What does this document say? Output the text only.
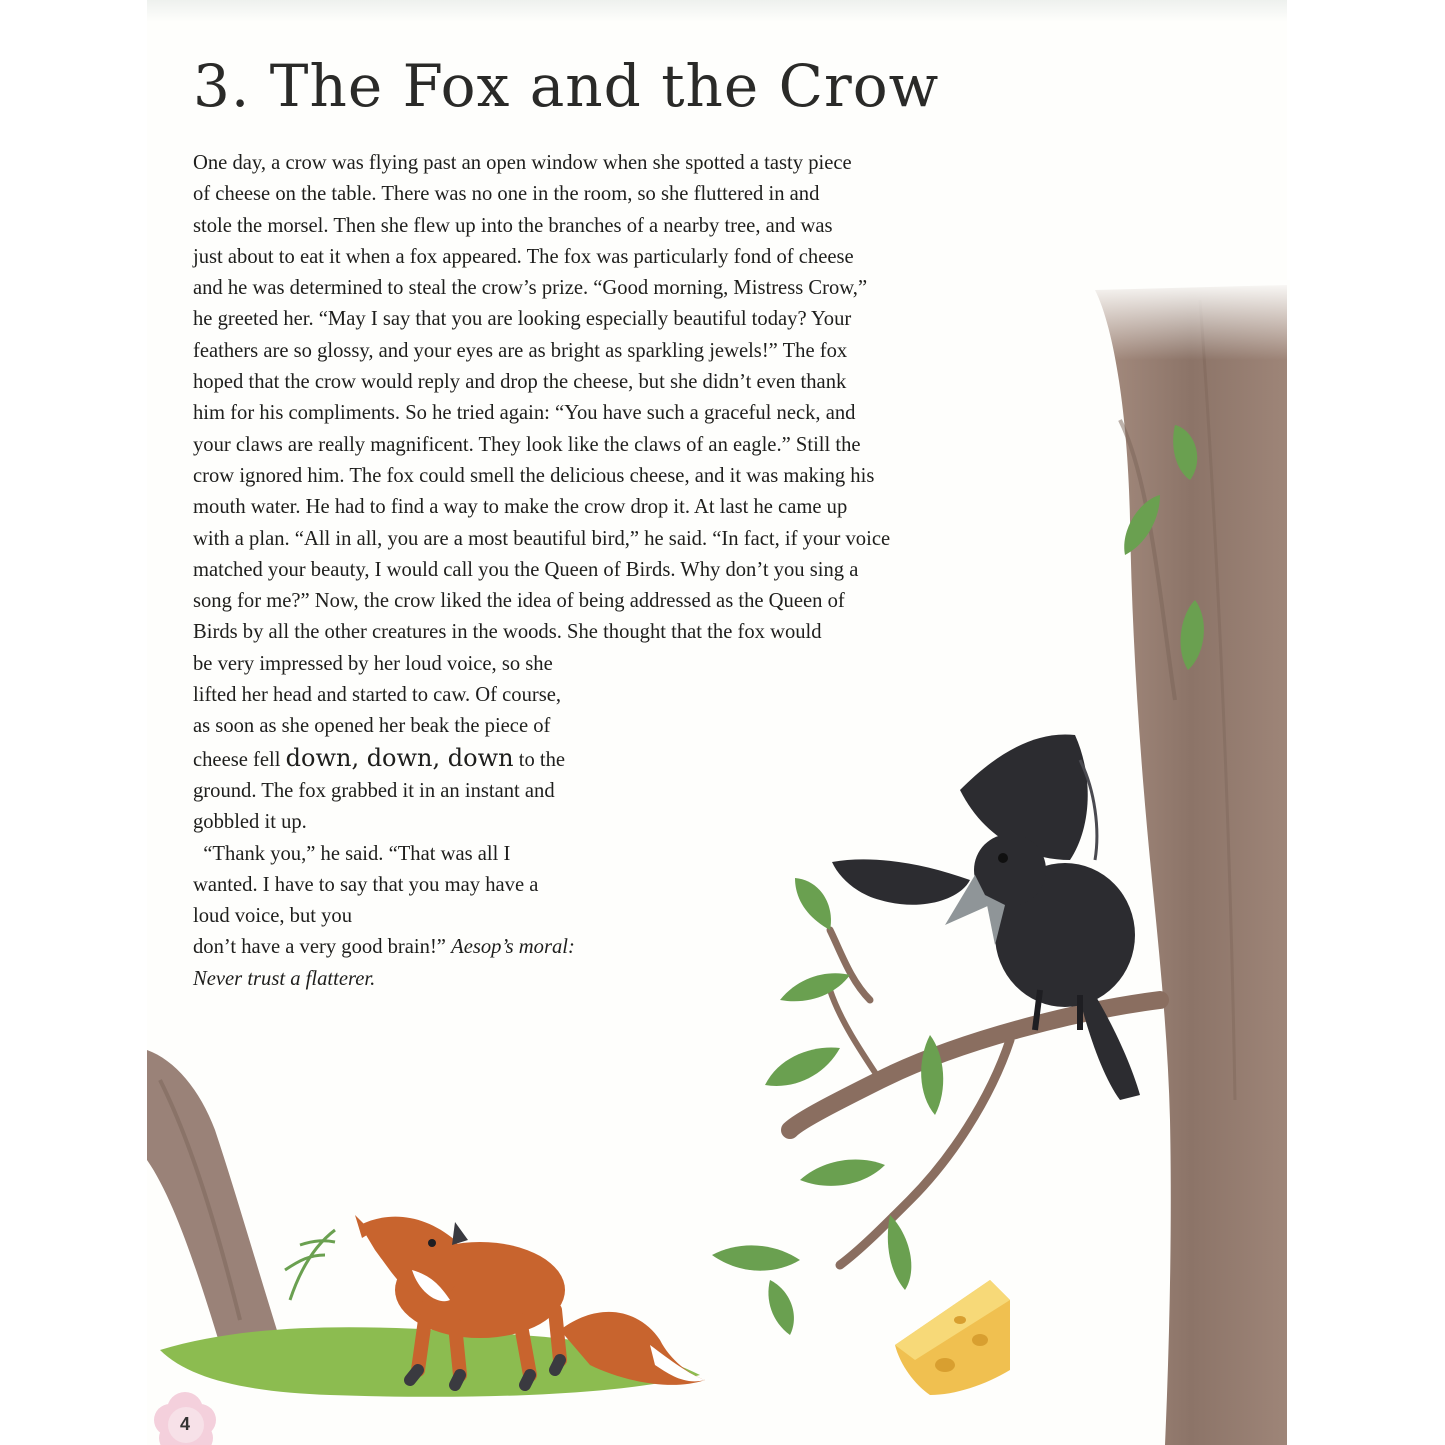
3. The Fox and the Crow
One day, a crow was flying past an open window when she spotted a tasty piece
of cheese on the table. There was no one in the room, so she fluttered in and
stole the morsel. Then she flew up into the branches of a nearby tree, and was
just about to eat it when a fox appeared. The fox was particularly fond of cheese
and he was determined to steal the crow’s prize. “Good morning, Mistress Crow,”
he greeted her. “May I say that you are looking especially beautiful today? Your
feathers are so glossy, and your eyes are as bright as sparkling jewels!” The fox
hoped that the crow would reply and drop the cheese, but she didn’t even thank
him for his compliments. So he tried again: “You have such a graceful neck, and
your claws are really magnificent. They look like the claws of an eagle.” Still the
crow ignored him. The fox could smell the delicious cheese, and it was making his
mouth water. He had to find a way to make the crow drop it. At last he came up
with a plan. “All in all, you are a most beautiful bird,” he said. “In fact, if your voice
matched your beauty, I would call you the Queen of Birds. Why don’t you sing a
song for me?” Now, the crow liked the idea of being addressed as the Queen of
Birds by all the other creatures in the woods. She thought that the fox would
be very impressed by her loud voice, so she
lifted her head and started to caw. Of course,
as soon as she opened her beak the piece of
cheese fell down, down, down to the
ground. The fox grabbed it in an instant and
gobbled it up.
“Thank you,” he said. “That was all I
wanted. I have to say that you may have a
loud voice, but you
don’t have a very good brain!” Aesop’s moral:
Never trust a flatterer.
4
